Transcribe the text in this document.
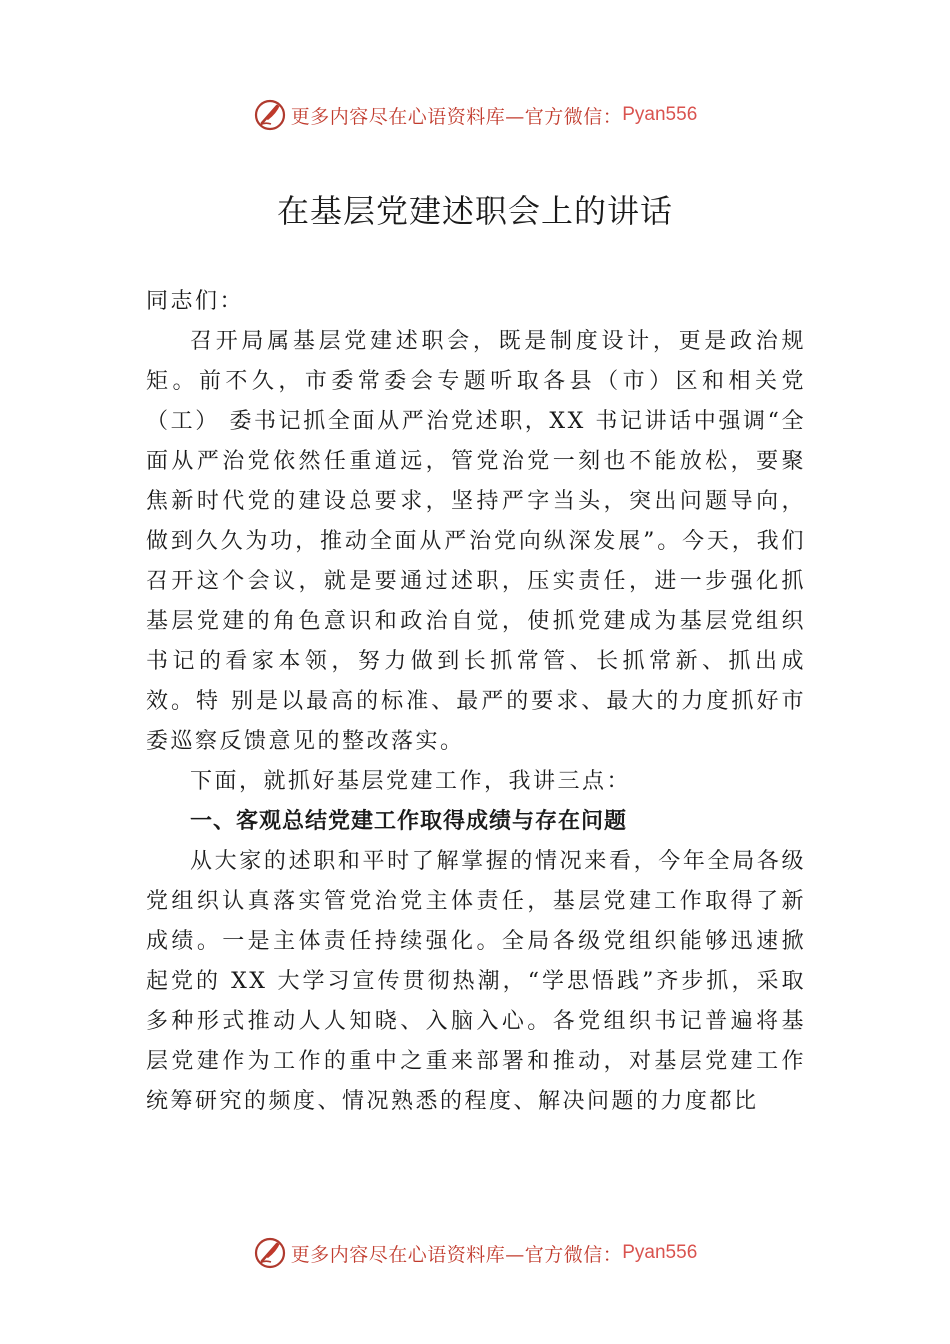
更多内容尽在心语资料库—官方微信： Pyan556
在基层党建述职会上的讲话

同志们：

召开局属基层党建述职会，既是制度设计，更是政治规矩。前不久，市委常委会专题听取各县（市）区和相关党（工） 委书记抓全面从严治党述职，XX 书记讲话中强调“全面从严治党依然任重道远，管党治党一刻也不能放松，要聚焦新时代党的建设总要求，坚持严字当头，突出问题导向，做到久久为功，推动全面从严治党向纵深发展”。今天，我们召开这个会议，就是要通过述职，压实责任，进一步强化抓基层党建的角色意识和政治自觉，使抓党建成为基层党组织书记的看家本领，努力做到长抓常管、长抓常新、抓出成效。特 别是以最高的标准、最严的要求、最大的力度抓好市委巡察反馈意见的整改落实。

下面，就抓好基层党建工作，我讲三点：

一、客观总结党建工作取得成绩与存在问题

从大家的述职和平时了解掌握的情况来看，今年全局各级党组织认真落实管党治党主体责任，基层党建工作取得了新成绩。一是主体责任持续强化。全局各级党组织能够迅速掀起党的 XX 大学习宣传贯彻热潮，“学思悟践”齐步抓，采取多种形式推动人人知晓、入脑入心。各党组织书记普遍将基层党建作为工作的重中之重来部署和推动，对基层党建工作统筹研究的频度、情况熟悉的程度、解决问题的力度都比

更多内容尽在心语资料库—官方微信： Pyan556
